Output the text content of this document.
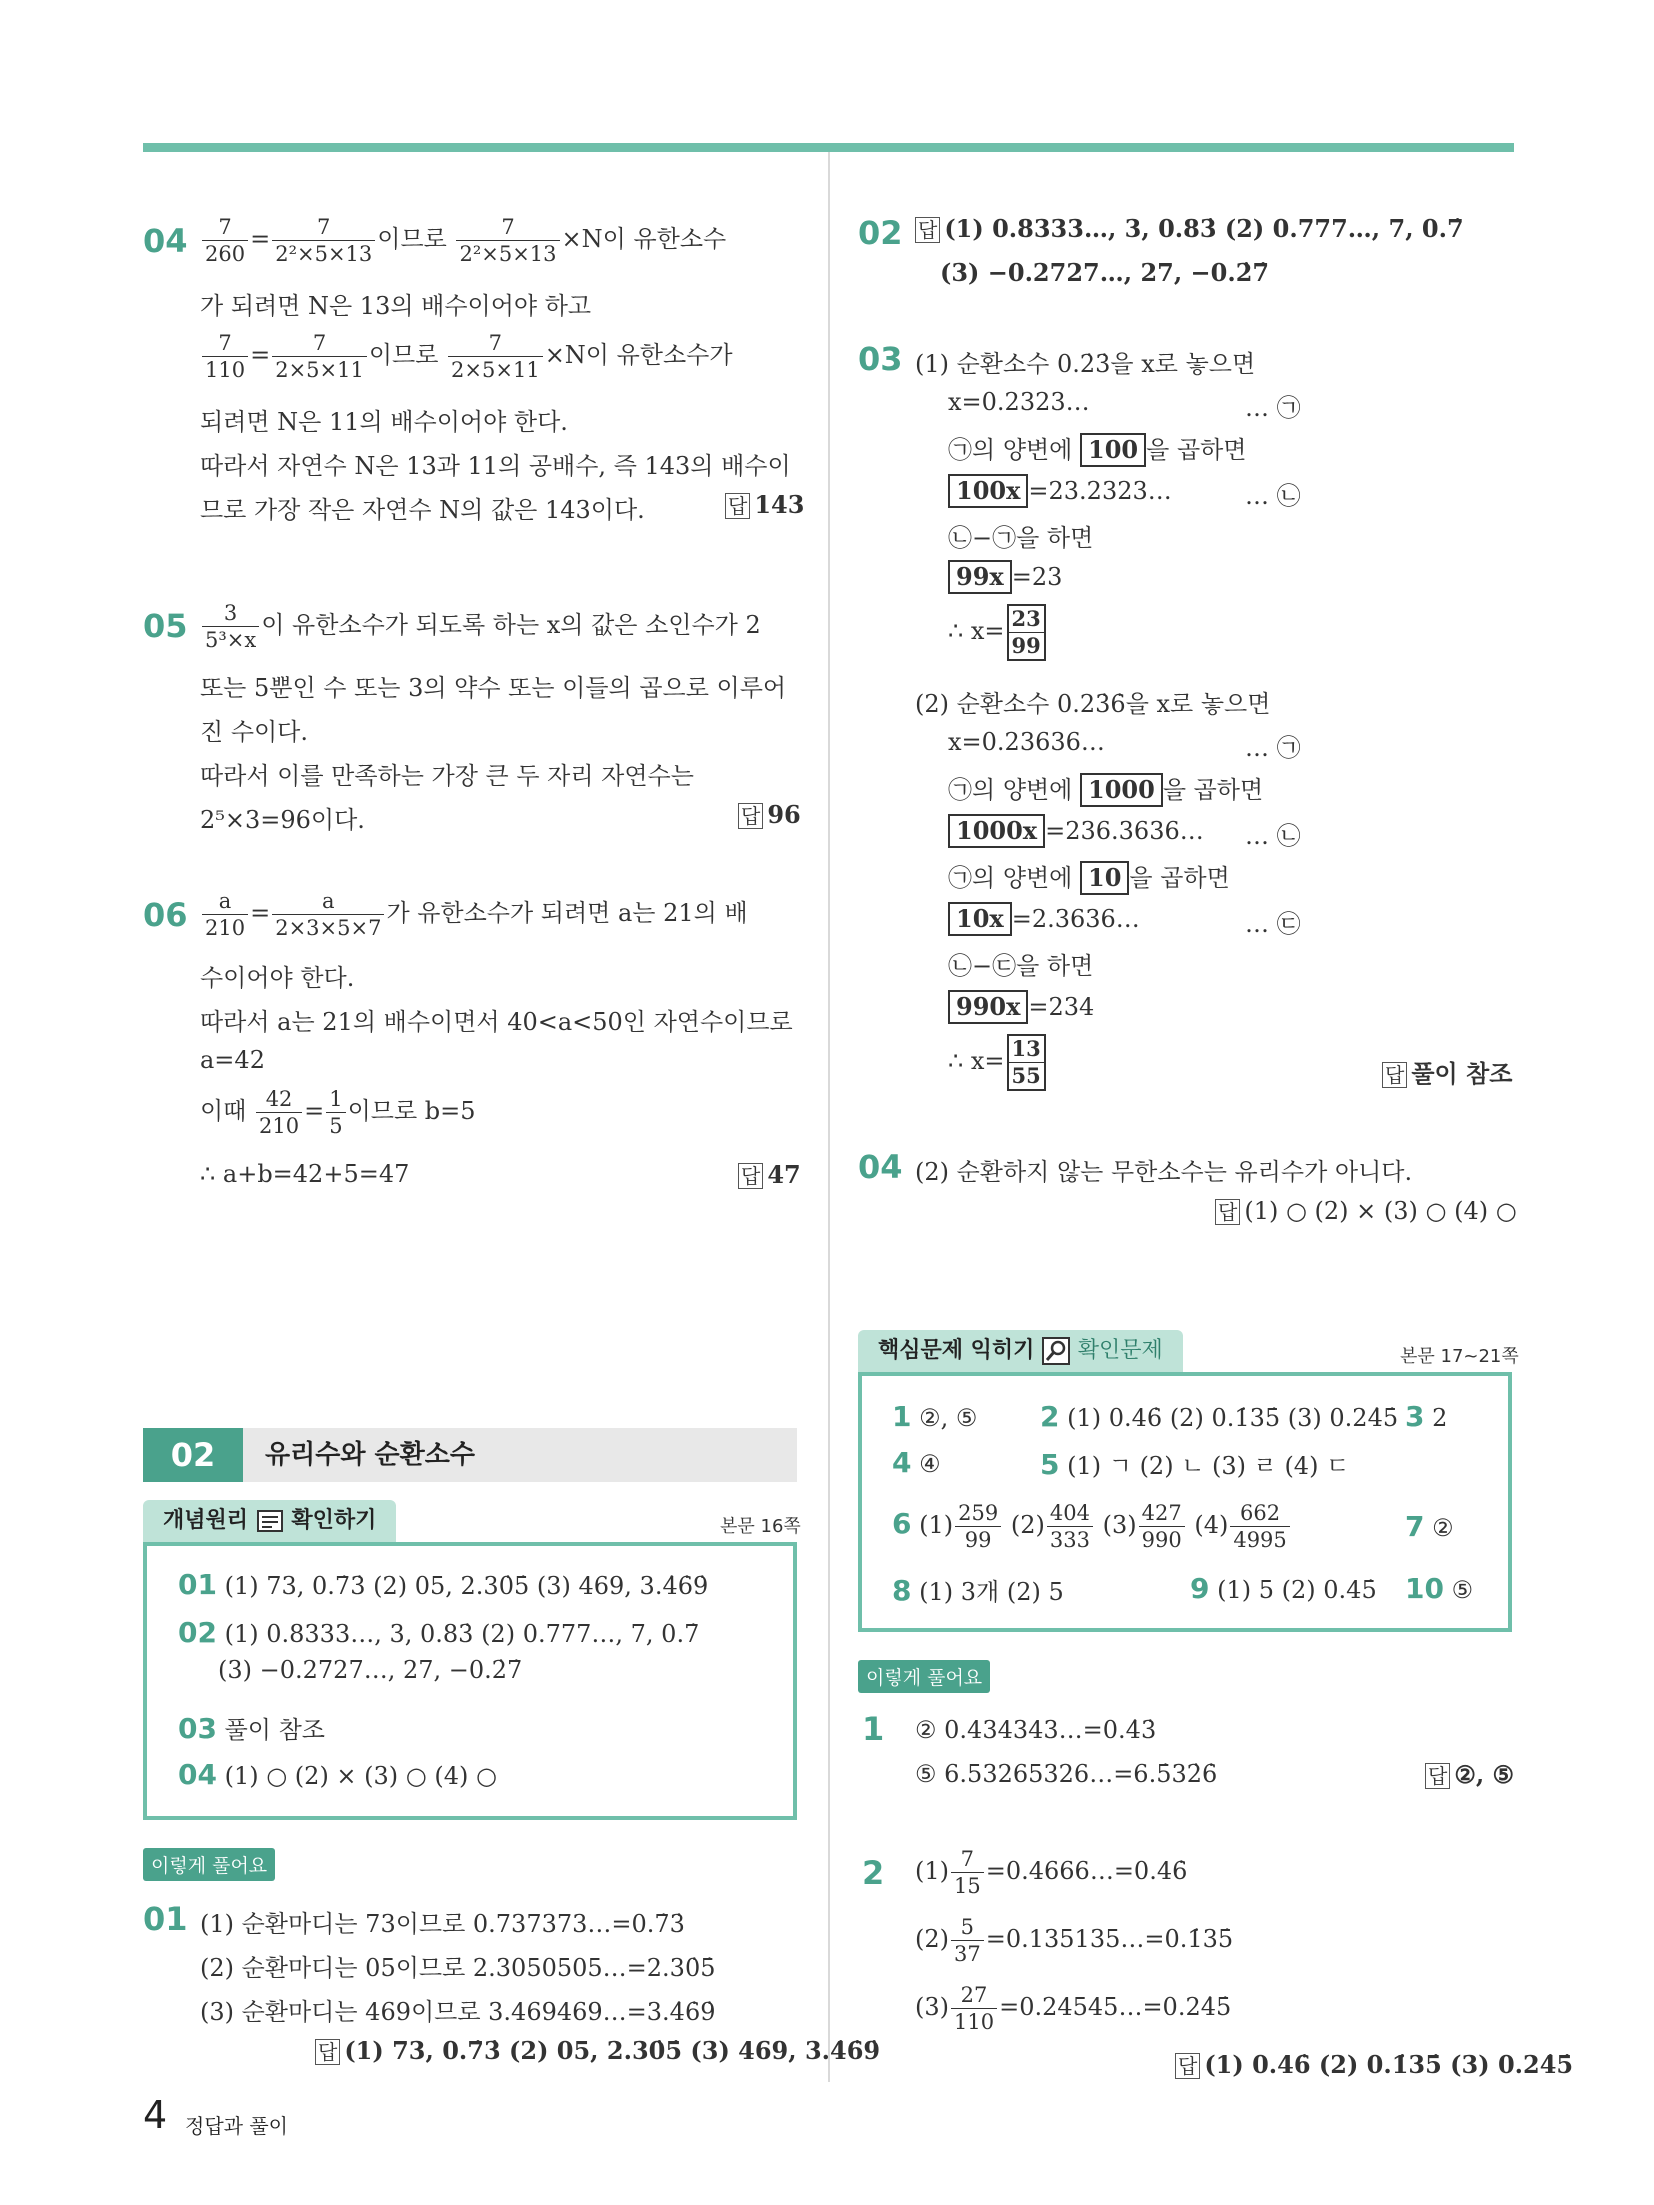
$04 \frac{7}{260} = \frac{7}{\text{2²×5×13}}$ 이므로 $\frac{7}{\text{2²×5×13}} \times N$이 유한소수
가 되려면 N은 13의 배수이어야 하고
$\frac{7}{110} = \frac{7}{2\times 5\times 11}$ 이므로 $\frac{7}{2\times 5\times 11} \times N$이 유한소수가
되려면 N은 11의 배수이어야 한다.
따라서 자연수 N은 13과 11의 공배수, 즉 143의 배수이
므로 가장 작은 자연수 N의 값은 143이다.	답 143
$05 \frac{3}{\text{5³×x}}$ 이 유한소수가 되도록 하는 x의 값은 소인수가 2
또는 5뿐인 수 또는 3의 약수 또는 이들의 곱으로 이루어
진 수이다.
따라서 이를 만족하는 가장 큰 두 자리 자연수는
2⁵×3=96이다.	답 96
$06 \frac{a}{210} = \frac{a}{2\times 3\times 5\times 7}$ 가 유한소수가 되려면 a는 21의 배
수이어야 한다.
따라서 a는 21의 배수이면서 40<a<50인 자연수이므로
a=42
이때 $\frac{42}{210} = \frac{1}{5}$ 이므로 b=5
∴ a+b=42+5=47	답 47
02	유리수와 순환소수
개념원리 확인하기	본문 16쪽
01 (1) 73, 0.7̇3̇ (2) 05, 2.30̇5̇ (3) 469, 3.4̇6̇9̇
02 (1) 0.8333…, 3, 0.83̇ (2) 0.777…, 7, 0.7̇
(3) −0.2727…, 27, −0.2̇7̇
03 풀이 참조
04 (1) ○ (2) × (3) ○ (4) ○
이렇게 풀어요
01 (1) 순환마디는 73이므로 0.737373…=0.7̇3̇
(2) 순환마디는 05이므로 2.3050505…=2.30̇5̇
(3) 순환마디는 469이므로 3.469469…=3.4̇6̇9̇
답 (1) 73, 0.7̇3̇ (2) 05, 2.30̇5̇ (3) 469, 3.4̇6̇9̇
02 답 (1) 0.8333…, 3, 0.83̇ (2) 0.777…, 7, 0.7̇
(3) −0.2727…, 27, −0.2̇7̇
03 (1) 순환소수 0.2̇3̇을 x로 놓으면
x=0.2323…	… ㉠
㉠의 양변에 100 을 곱하면
100x =23.2323…	… ㉡
㉡−㉠을 하면
99x =23
∴ $x= \frac{23}{99}$
(2) 순환소수 0.23̇6̇을 x로 놓으면
x=0.23636…	… ㉠
㉠의 양변에 1000 을 곱하면
1000x =236.3636… … ㉡
㉠의 양변에 10 을 곱하면
10x =2.3636…	… ㉢
㉡−㉢을 하면
990x =234
∴ $x= \frac{13}{55}$	답 풀이 참조
04 (2) 순환하지 않는 무한소수는 유리수가 아니다.
답 (1) ○ (2) × (3) ○ (4) ○
핵심문제 익히기 확인문제	본문 17~21쪽
1 ②, ⑤ 2 (1) 0.46̇ (2) 0.1̇35̇ (3) 0.24̇5̇ 3 2
4 ④	5 (1) ㄱ (2) ㄴ (3) ㄹ (4) ㄷ
6 $(1) \frac{259}{99} (2) \frac{404}{333} (3) \frac{427}{990} (4) \frac{662}{4995}$	7 ②
8 (1) 3개 (2) 5	9 (1) 5 (2) 0.45̇ 10 ⑤
이렇게 풀어요
1 ② 0.434343…=0.4̇3̇
⑤ 6.53265326…=6.5̇32̇6̇	답 ②, ⑤
2 $(1) \frac{7}{15}$ =0.4666…=0.46̇
$(2) \frac{5}{37}$ =0.135135…=0.1̇35̇
$(3) \frac{27}{110}$ =0.24545…=0.24̇5̇
답 (1) 0.46̇ (2) 0.1̇35̇ (3) 0.24̇5̇
4 정답과 풀이
